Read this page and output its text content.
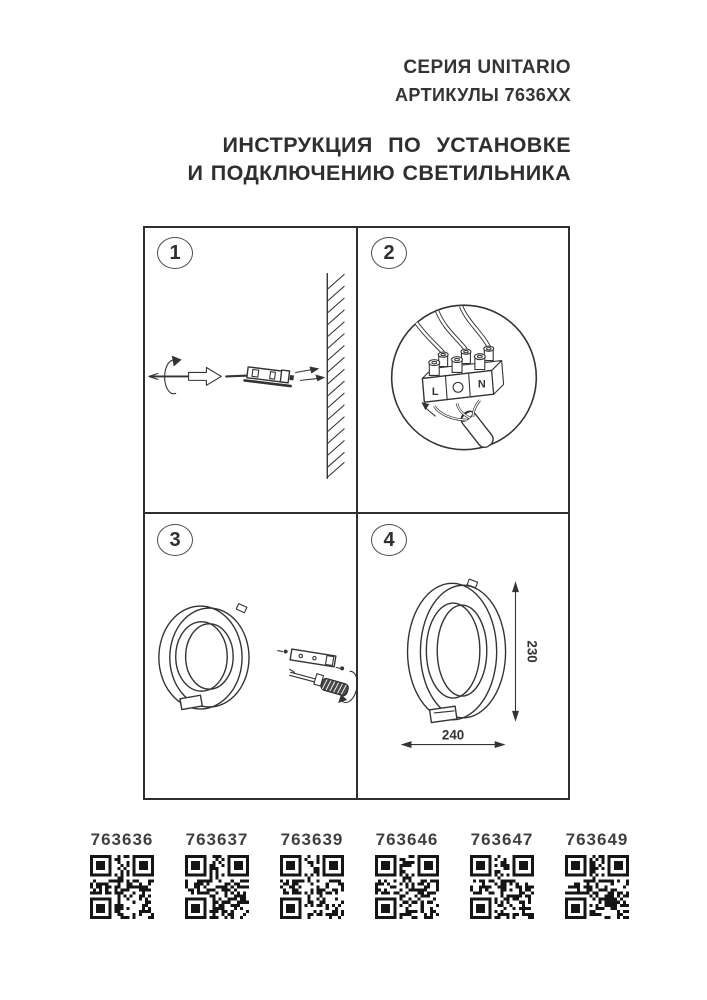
СЕРИЯ UNITARIO
АРТИКУЛЫ 7636ХХ
ИНСТРУКЦИЯ ПО УСТАНОВКЕ
И ПОДКЛЮЧЕНИЮ СВЕТИЛЬНИКА
L
N
230
240
1	2
3	4
763636	763637	763639	763646	763647	763649
